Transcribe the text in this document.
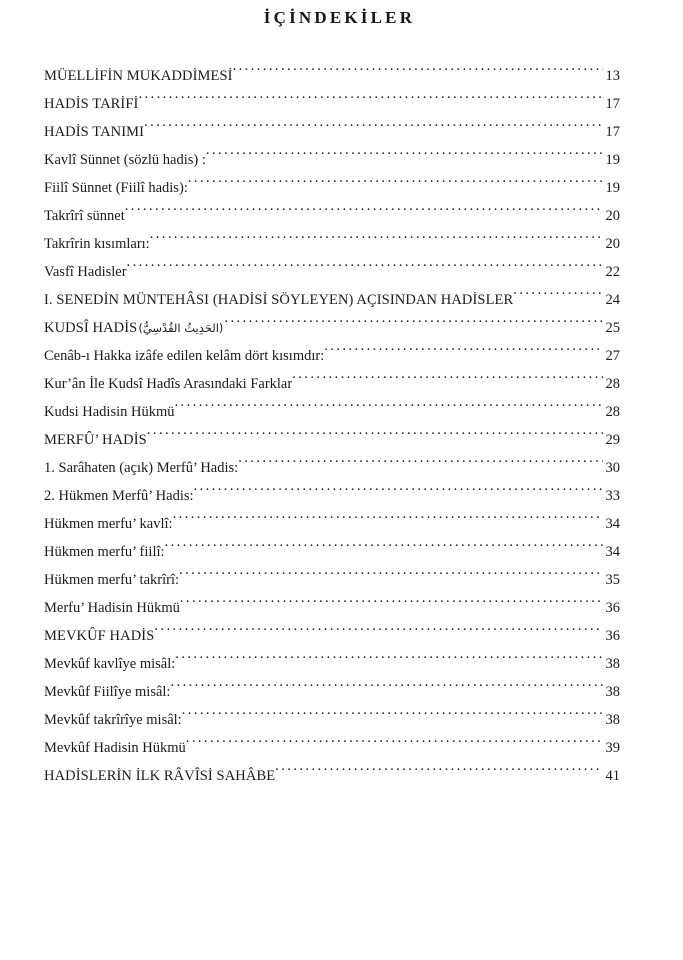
İÇİNDEKİLER
MÜELLİFİN MUKADDİMESİ . . .	13
HADİS TARİFİ . . .	17
HADİS TANIMI . . .	17
Kavlî Sünnet (sözlü hadis) : . . .	19
Fiilî Sünnet (Fiilî hadis): . . .	19
Takrîrî sünnet . . .	20
Takrîrin kısımları: . . .	20
Vasfî Hadisler . . .	22
I. SENEDİN MÜNTEHÂSI (HADİSİ SÖYLEYEN) AÇISINDAN HADİSLER . . .	24
KUDSÎ HADİS (الحَدِيثُ القُدْسِيُّ) . . .	25
Cenâb-ı Hakka izâfe edilen kelâm dört kısımdır: . . .	27
Kur’ân İle Kudsî Hadîs Arasındaki Farklar . . .	28
Kudsi Hadisin Hükmü . . .	28
MERFÛ’ HADİS . . .	29
1. Sarâhaten (açık) Merfû’ Hadis: . . .	30
2. Hükmen Merfû’ Hadis: . . .	33
Hükmen merfu’ kavlî: . . .	34
Hükmen merfu’ fiilî: . . .	34
Hükmen merfu’ takrîrî: . . .	35
Merfu’ Hadisin Hükmü . . .	36
MEVKÛF HADİS . . .	36
Mevkûf kavlîye misâl: . . .	38
Mevkûf Fiilîye misâl: . . .	38
Mevkûf takrîrîye misâl: . . .	38
Mevkûf Hadisin Hükmü . . .	39
HADİSLERİN İLK RÂVÎSİ SAHÂBE . . .	41
